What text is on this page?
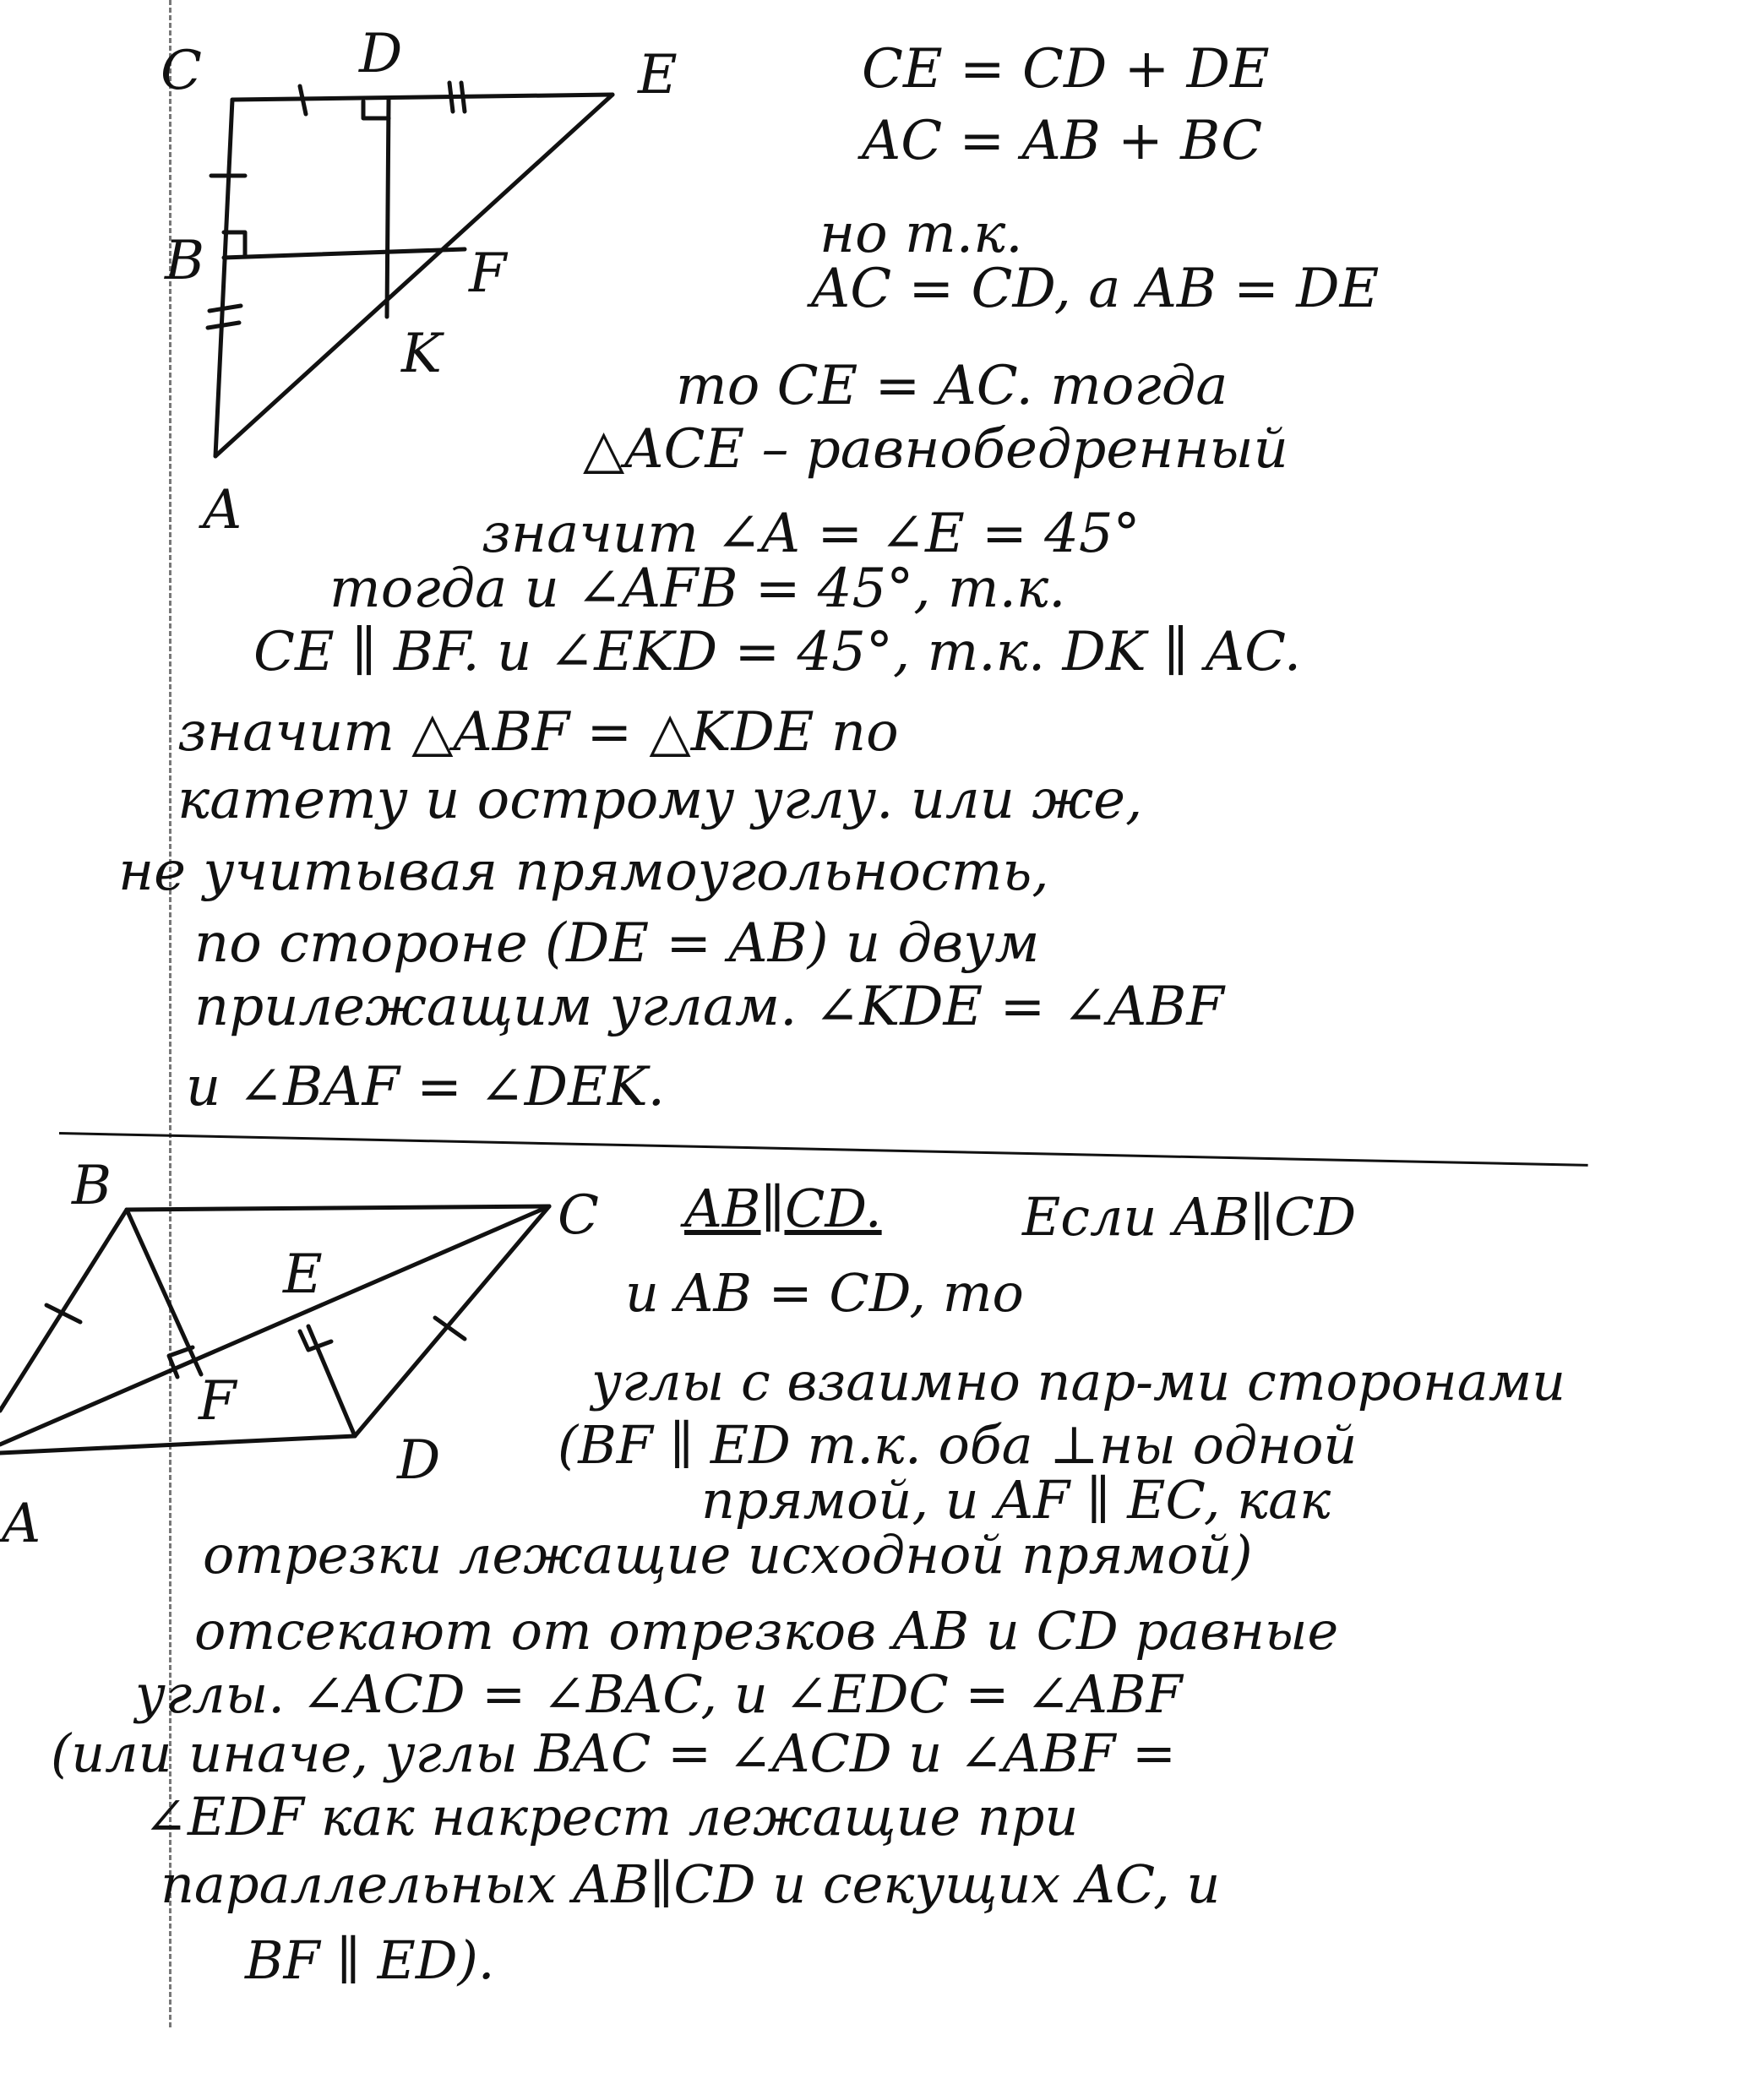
C	D	E
B	F
K
A
CE = CD + DE
AC = AB + BC
но т.к.
AC = CD, а AB = DE
то CE = AC. тогда
△ACE – равнобедренный
значит ∠A = ∠E = 45°
тогда и ∠AFB = 45°, т.к.
CE ∥ BF. и ∠EKD = 45°, т.к. DK ∥ AC.
значит △ABF = △KDE по
катету и острому углу. или же,
не учитывая прямоугольность,
по стороне (DE = AB) и двум
прилежащим углам. ∠KDE = ∠ABF
и ∠BAF = ∠DEK.
B	C
E
F
D
A
AB∥CD.	Если AB∥CD
и AB = CD, то
углы с взаимно пар-ми сторонами
(BF ∥ ED т.к. оба ⊥ны одной
прямой, и AF ∥ EC, как
отрезки лежащие исходной прямой)
отсекают от отрезков AB и CD равные
углы. ∠ACD = ∠BAC, и ∠EDC = ∠ABF
(или иначе, углы BAC = ∠ACD и ∠ABF =
∠EDF как накрест лежащие при
параллельных AB∥CD и секущих AC, и
BF ∥ ED).
